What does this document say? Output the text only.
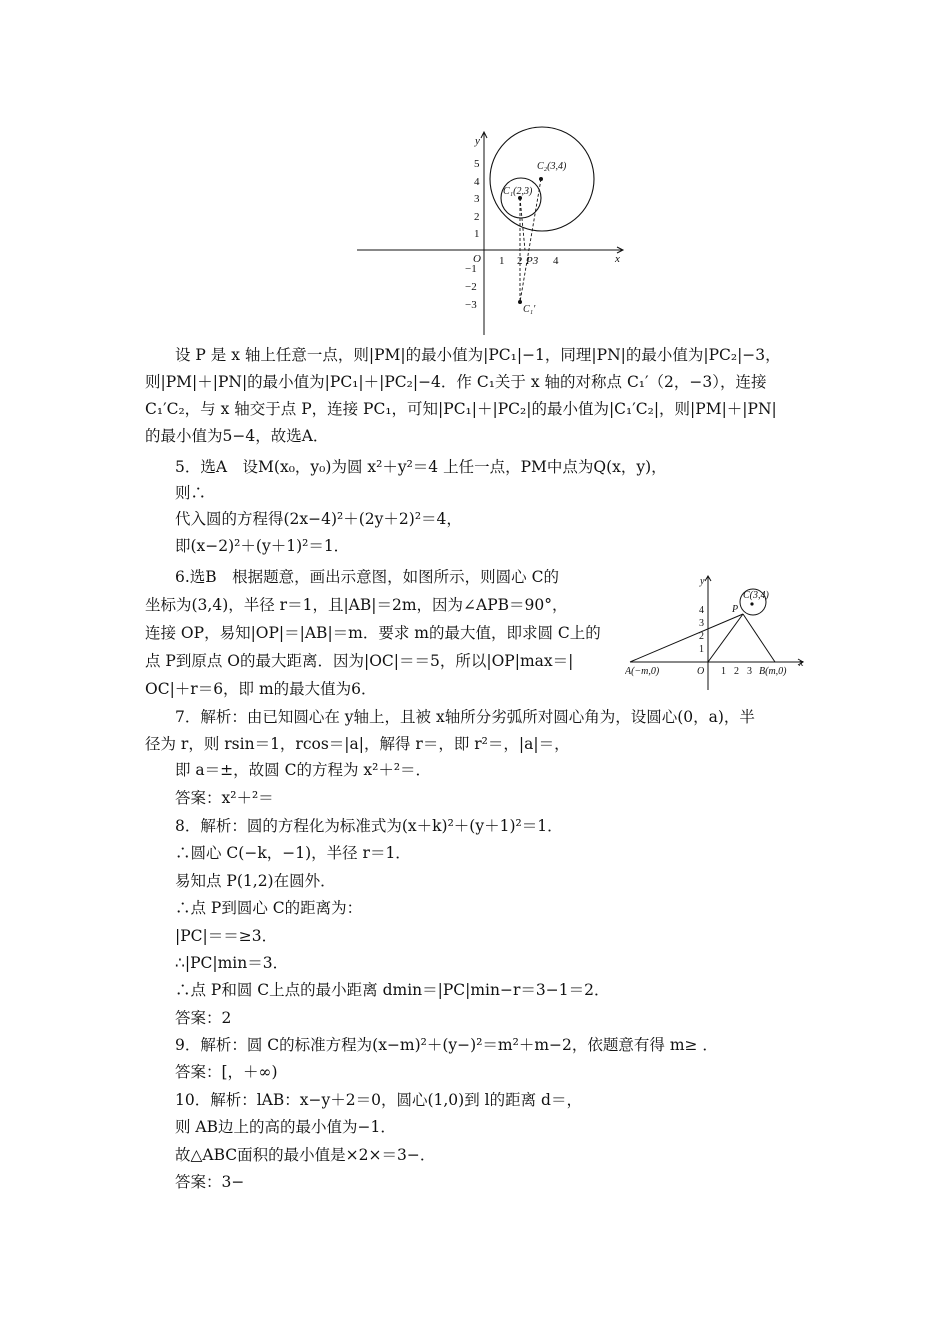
x
y
O 1 2 P3 4
1
2
3
4
5
−1
−2
−3
C₂(3,4)
C₁(2,3)
C₁′
x
y
O 1 2 3
1
2
3
4
C(3,4)
P
A(−m,0)	B(m,0)
设 P 是 x 轴上任意一点，则|PM|的最小值为|PC₁|−1，同理|PN|的最小值为|PC₂|−3，
则|PM|＋|PN|的最小值为|PC₁|＋|PC₂|−4．作 C₁关于 x 轴的对称点 C₁′（2，−3），连接
C₁′C₂，与 x 轴交于点 P，连接 PC₁，可知|PC₁|＋|PC₂|的最小值为|C₁′C₂|，则|PM|＋|PN|
的最小值为5−4，故选A．
5．选A　设M(x₀，y₀)为圆 x²＋y²＝4 上任一点，PM中点为Q(x，y)，
则∴
代入圆的方程得(2x−4)²＋(2y＋2)²＝4，
即(x−2)²＋(y＋1)²＝1．
6.选B　根据题意，画出示意图，如图所示，则圆心 C的
坐标为(3,4)，半径 r＝1，且|AB|＝2m，因为∠APB＝90°，
连接 OP，易知|OP|＝|AB|＝m．要求 m的最大值，即求圆 C上的
点 P到原点 O的最大距离．因为|OC|＝＝5，所以|OP|max＝|
OC|＋r＝6，即 m的最大值为6．
7．解析：由已知圆心在 y轴上，且被 x轴所分劣弧所对圆心角为，设圆心(0，a)，半
径为 r，则 rsin＝1，rcos＝|a|，解得 r＝，即 r²＝，|a|＝，
即 a＝±，故圆 C的方程为 x²＋²＝．
答案：x²＋²＝
8．解析：圆的方程化为标准式为(x＋k)²＋(y＋1)²＝1．
∴圆心 C(−k，−1)，半径 r＝1．
易知点 P(1,2)在圆外．
∴点 P到圆心 C的距离为：
|PC|＝＝≥3．
∴|PC|min＝3．
∴点 P和圆 C上点的最小距离 dmin＝|PC|min−r＝3−1＝2．
答案：2
9．解析：圆 C的标准方程为(x−m)²＋(y−)²＝m²＋m−2，依题意有得 m≥ ．
答案：[，＋∞)
10．解析：lAB：x−y＋2＝0，圆心(1,0)到 l的距离 d＝，
则 AB边上的高的最小值为−1．
故△ABC面积的最小值是×2×＝3−．
答案：3−
